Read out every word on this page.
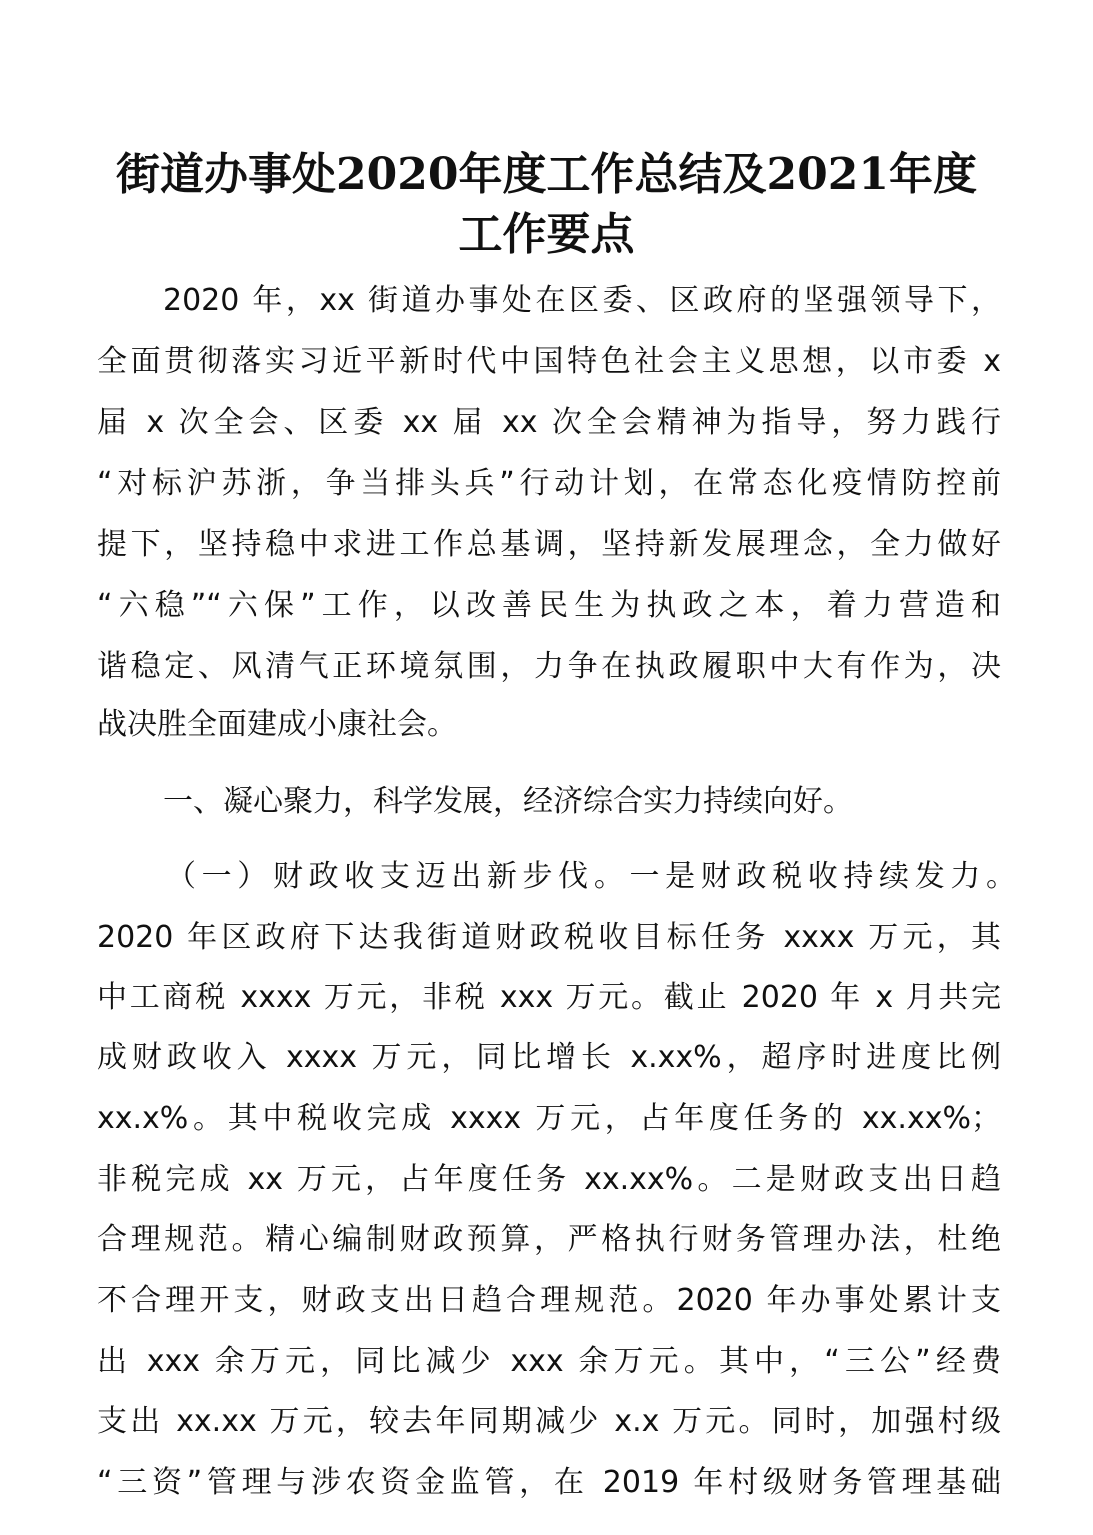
街道办事处2020年度工作总结及2021年度
工作要点

2020 年，xx 街道办事处在区委、区政府的坚强领导下，

全面贯彻落实习近平新时代中国特色社会主义思想，以市委 x

届 x 次全会、区委 xx 届 xx 次全会精神为指导，努力践行

“对标沪苏浙，争当排头兵”行动计划，在常态化疫情防控前

提下，坚持稳中求进工作总基调，坚持新发展理念，全力做好

“六稳”“六保”工作，以改善民生为执政之本，着力营造和

谐稳定、风清气正环境氛围，力争在执政履职中大有作为，决

战决胜全面建成小康社会。

一、凝心聚力，科学发展，经济综合实力持续向好。

（一）财政收支迈出新步伐。一是财政税收持续发力。

2020 年区政府下达我街道财政税收目标任务 xxxx 万元，其

中工商税 xxxx 万元，非税 xxx 万元。截止 2020 年 x 月共完

成财政收入 xxxx 万元，同比增长 x.xx%，超序时进度比例

xx.x%。其中税收完成 xxxx 万元，占年度任务的 xx.xx%；

非税完成 xx 万元，占年度任务 xx.xx%。二是财政支出日趋

合理规范。精心编制财政预算，严格执行财务管理办法，杜绝

不合理开支，财政支出日趋合理规范。2020 年办事处累计支

出 xxx 余万元，同比减少 xxx 余万元。其中，“三公”经费

支出 xx.xx 万元，较去年同期减少 x.x 万元。同时，加强村级

“三资”管理与涉农资金监管，在 2019 年村级财务管理基础
